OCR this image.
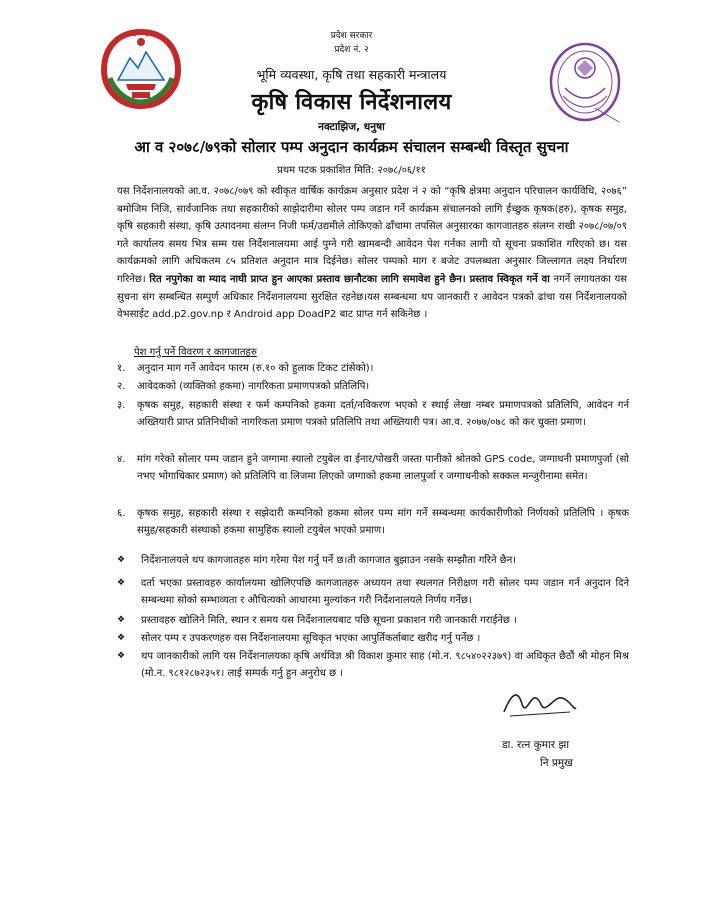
प्रदेश सरकार
प्रदेश नं. २
भूमि व्यवस्था, कृषि तथा सहकारी मन्त्रालय
कृषि विकास निर्देशनालय
नक्टाझिज, धनुषा
आ व २०७८/७९को सोलार पम्प अनुदान कार्यक्रम संचालन सम्बन्धी विस्तृत सुचना
प्रथम पटक प्रकाशित मिति: २०७८/०६/११
यस निर्देशनालयको आ.व. २०७८/०७९ को स्वीकृत वार्षिक कार्यक्रम अनुसार प्रदेश नं २ को “कृषि क्षेत्रमा अनुदान परिचालन कार्यविधि, २०७६” बमोजिम निजि, सार्वजानिक तथा सहकारीको साझेदारीमा सोलर पम्प जडान गर्ने कार्यक्रम संचालनको लागि ईच्छुक कृषक(हरु), कृषक समुह, कृषि सहकारी संस्था, कृषि उत्पादनमा संलग्न निजी फर्म/उद्यमीले तोकिएको ढाँचामा तपसिल अनुसारका कागजातहरु संलग्न राखी २०७८/०७/०९ गते कार्यालय समय भित्र सम्म यस निर्देशनालयमा आई पुग्ने गरी खामबन्दी आवेदन पेश गर्नका लागी यो सूचना प्रकाशित गरिएको छ। यस कार्यक्रमको लागि अधिकतम ८५ प्रतिशत अनुदान मात्र दिईनेछ। सोलर पम्पको माग र बजेट उपलब्धता अनुसार जिल्लागत लक्ष्य निर्धारण गरिनेछ। रित नपुगेका वा म्याद नाघी प्राप्त हुन आएका प्रस्ताव छानौटका लागि समावेश हुने छैन। प्रस्ताव स्विकृत गर्ने वा नगर्ने लगायतका यस सुचना संग सम्बन्धित सम्पुर्ण अधिकार निर्देशनालयमा सुरक्षित रहनेछ।यस सम्बन्धमा थप जानकारी र आवेदन पत्रको ढांचा यस निर्देशनालयको वेभसाईट add.p2.gov.np र Android app DoadP2 बाट प्राप्त गर्न सकिनेछ ।
पेश गर्नु पर्ने विवरण र कागजातहरु
१. अनुदान माग गर्ने आवेदन फारम (रु.१० को हुलाक टिकट टांसेको)।
२. आवेदकको (व्यक्तिको हकमा) नागरिकता प्रमाणपत्रको प्रतिलिपि।
३. कृषक समुह, सहकारी संस्था र फर्म कम्पनिको हकमा दर्ता/नविकरण भएको र स्थाई लेखा नम्बर प्रमाणपत्रको प्रतिलिपि, आवेदन गर्न अख्तियारी प्राप्त प्रतिनिधीको नागरिकता प्रमाण पत्रको प्रतिलिपि तथा अख्तियारी पत्र। आ.व. २०७७/०७८ को कर चुक्ता प्रमाण।
४. मांग गरेको सोलार पम्प जडान हुने जग्गामा स्यालो टयुबेल वा ईनार/पोखरी जस्ता पानीको श्रोतको GPS code, जग्गाधनी प्रमाणपुर्जा (सो नभए भोगाधिकार प्रमाण) को प्रतिलिपि वा लिजमा लिएको जग्गाको हकमा लालपुर्जा र जग्गाधनीको सक्कल मन्जुरीनामा समेत।
६. कृषक समुह, सहकारी संस्था र सझेदारी कम्पनिको हकमा सोलर पम्प मांग गर्ने सम्बन्धमा कार्यकारीणीको निर्णयको प्रतिलिपि । कृषक समुह/सहकारी संस्थाको हकमा सामुहिक स्यालो टयुबेल भएको प्रमाण।
❖ निर्देशनालयले थप कागजातहरु मांग गरेमा पेश गर्नु पर्ने छ।ती कागजात बुझाउन नसके सम्झौता गरिने छैन।
❖ दर्ता भएका प्रस्तावहरु कार्यालयमा खोलिएपछि कागजातहरु अध्ययन तथा स्थलगत निरीक्षण गरी सोलर पम्प जडान गर्न अनुदान दिने सम्बन्धमा सोको सम्भाव्यता र औचित्यको आधारमा मुल्यांकन गरी निर्देशनालयले निर्णय गर्नेछ।
❖ प्रस्तावहरु खोलिने मिति, स्थान र समय यस निर्देशनालयबाट पछि सूचना प्रकाशन गरी जानकारी गराईनेछ ।
❖ सोलर पम्प र उपकरणहरु यस निर्देशनालयमा सूचिकृत भएका आपुर्तिकर्ताबाट खरीद गर्नु पर्नेछ ।
❖ थप जानकारीको लागि यस निर्देशनालयका कृषि अर्थविज्ञ श्री विकाश कुमार साह (मो.न. ९८५४०२२३७९) वा अधिकृत छैठौं श्री मोहन मिश्र (मो.न. ९८१२८७२३५१। लाई सम्पर्क गर्नु हुन अनुरोध छ ।
डा. रत्न कुमार झा
नि प्रमुख
